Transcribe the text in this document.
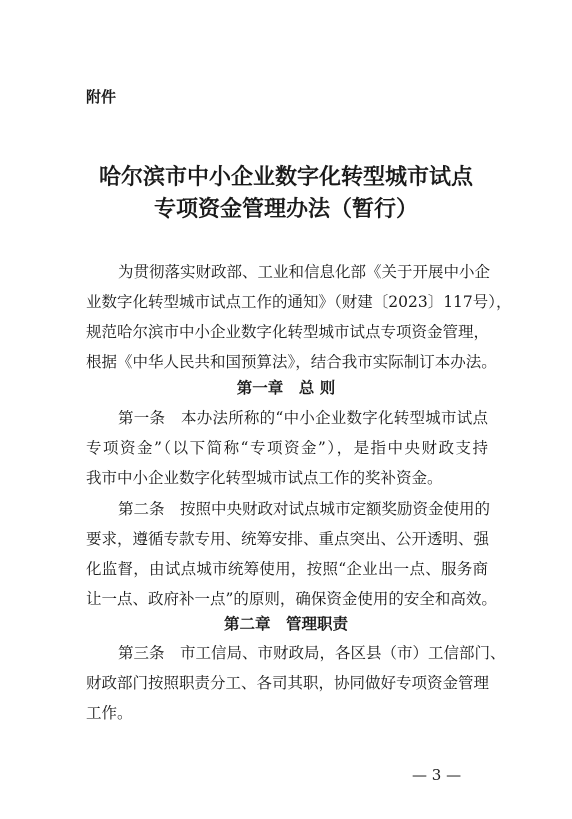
附件
哈尔滨市中小企业数字化转型城市试点
专项资金管理办法（暂行）
为贯彻落实财政部、工业和信息化部《关于开展中小企
业数字化转型城市试点工作的通知》（财建〔2023〕117号），
规范哈尔滨市中小企业数字化转型城市试点专项资金管理，
根据《中华人民共和国预算法》，结合我市实际制订本办法。
第一章　总 则
第一条　本办法所称的“中小企业数字化转型城市试点
专项资金”（以下简称“专项资金”），是指中央财政支持
我市中小企业数字化转型城市试点工作的奖补资金。
第二条　按照中央财政对试点城市定额奖励资金使用的
要求，遵循专款专用、统筹安排、重点突出、公开透明、强
化监督，由试点城市统筹使用，按照“企业出一点、服务商
让一点、政府补一点”的原则，确保资金使用的安全和高效。
第二章　管理职责
第三条　市工信局、市财政局，各区县（市）工信部门、
财政部门按照职责分工、各司其职，协同做好专项资金管理
工作。
— 3 —
